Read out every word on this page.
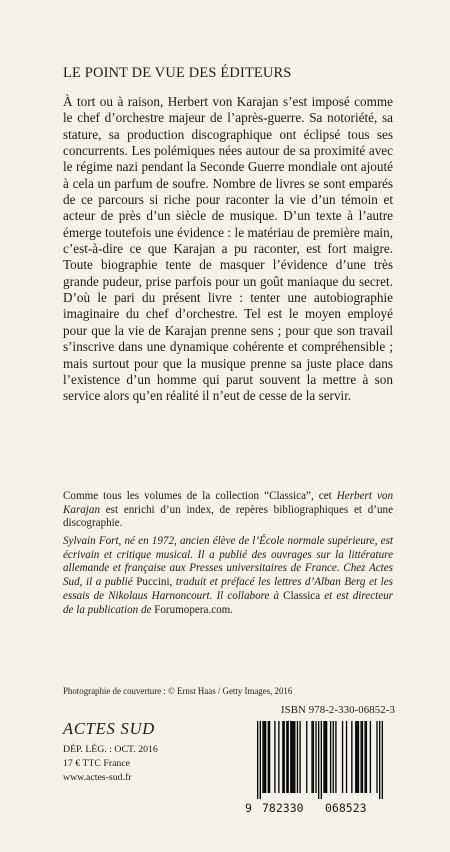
LE POINT DE VUE DES ÉDITEURS

À tort ou à raison, Herbert von Karajan s’est imposé comme le chef d’orchestre majeur de l’après-guerre. Sa notoriété, sa stature, sa production discographique ont éclipsé tous ses concurrents. Les polémiques nées autour de sa proximité avec le régime nazi pendant la Seconde Guerre mondiale ont ajouté à cela un parfum de soufre. Nombre de livres se sont emparés de ce parcours si riche pour raconter la vie d’un témoin et acteur de près d’un siècle de musique. D’un texte à l’autre émerge toutefois une évidence : le matériau de première main, c’est-à-dire ce que Karajan a pu raconter, est fort maigre. Toute biographie tente de masquer l’évidence d’une très grande pudeur, prise parfois pour un goût maniaque du secret. D’où le pari du présent livre : tenter une autobiographie imaginaire du chef d’orchestre. Tel est le moyen employé pour que la vie de Karajan prenne sens ; pour que son travail s’inscrive dans une dynamique cohérente et compréhensible ; mais surtout pour que la musique prenne sa juste place dans l’existence d’un homme qui parut souvent la mettre à son service alors qu’en réalité il n’eut de cesse de la servir.

Comme tous les volumes de la collection “Classica”, cet Herbert von Karajan est enrichi d’un index, de repères bibliographiques et d’une discographie.
Sylvain Fort, né en 1972, ancien élève de l’École normale supérieure, est écrivain et critique musical. Il a publié des ouvrages sur la littérature allemande et française aux Presses universitaires de France. Chez Actes Sud, il a publié Puccini, traduit et préfacé les lettres d’Alban Berg et les essais de Nikolaus Harnoncourt. Il collabore à Classica et est directeur de la publication de Forumopera.com.
Photographie de couverture : © Ernst Haas / Getty Images, 2016
ISBN 978-2-330-06852-3
ACTES SUD
DÉP. LÉG. : OCT. 2016
17 € TTC France
www.actes-sud.fr
9 782330 068523
